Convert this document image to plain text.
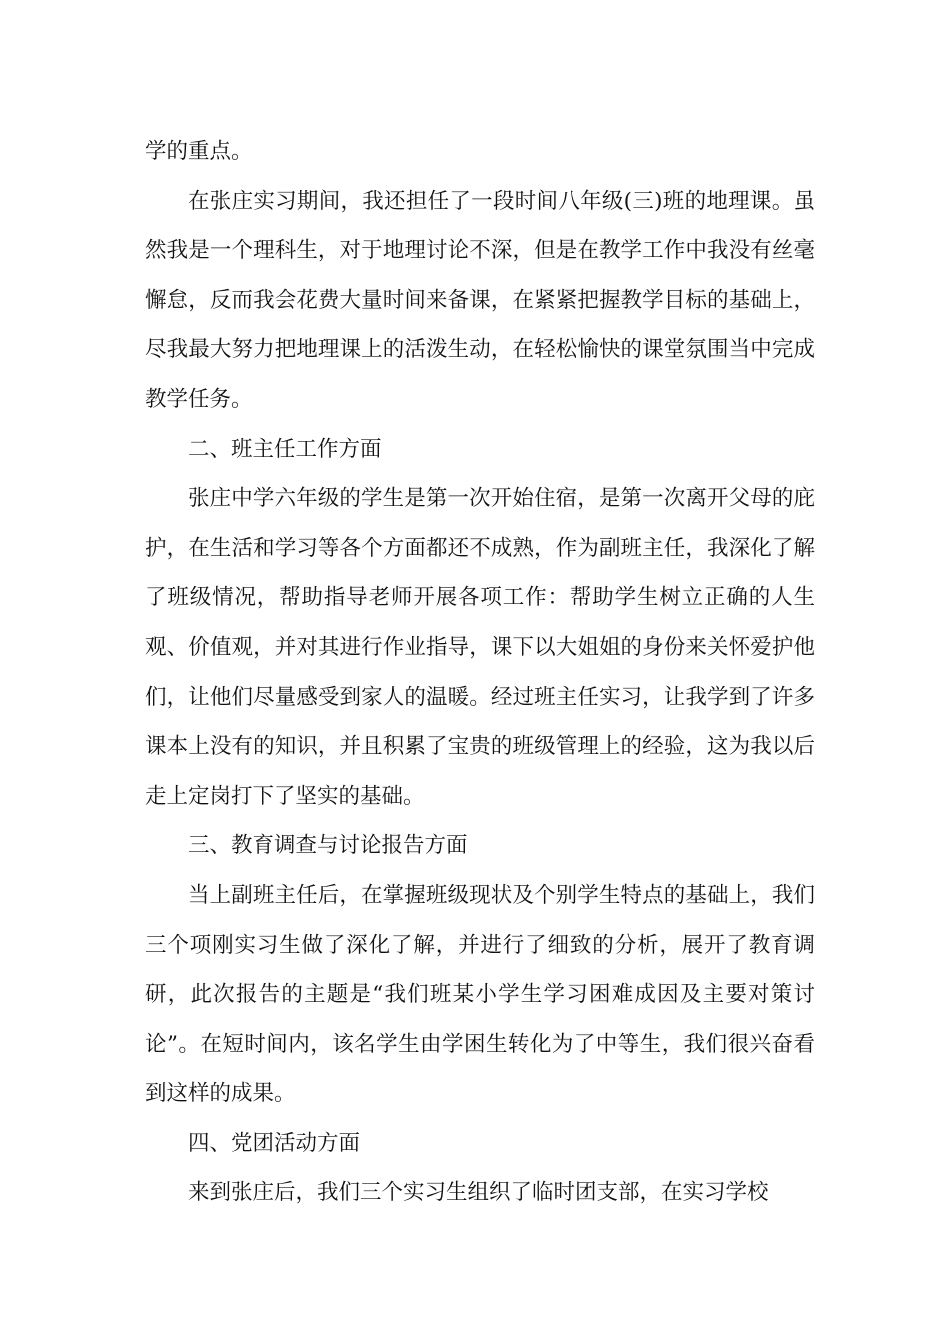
学的重点。

在张庄实习期间，我还担任了一段时间八年级(三)班的地理课。虽然我是一个理科生，对于地理讨论不深，但是在教学工作中我没有丝毫懈怠，反而我会花费大量时间来备课，在紧紧把握教学目标的基础上，尽我最大努力把地理课上的活泼生动，在轻松愉快的课堂氛围当中完成教学任务。

二、班主任工作方面

张庄中学六年级的学生是第一次开始住宿，是第一次离开父母的庇护，在生活和学习等各个方面都还不成熟，作为副班主任，我深化了解了班级情况，帮助指导老师开展各项工作：帮助学生树立正确的人生观、价值观，并对其进行作业指导，课下以大姐姐的身份来关怀爱护他们，让他们尽量感受到家人的温暖。经过班主任实习，让我学到了许多课本上没有的知识，并且积累了宝贵的班级管理上的经验，这为我以后走上定岗打下了坚实的基础。

三、教育调查与讨论报告方面

当上副班主任后，在掌握班级现状及个别学生特点的基础上，我们三个项刚实习生做了深化了解，并进行了细致的分析，展开了教育调研，此次报告的主题是“我们班某小学生学习困难成因及主要对策讨论”。在短时间内，该名学生由学困生转化为了中等生，我们很兴奋看到这样的成果。

四、党团活动方面

来到张庄后，我们三个实习生组织了临时团支部，在实习学校
